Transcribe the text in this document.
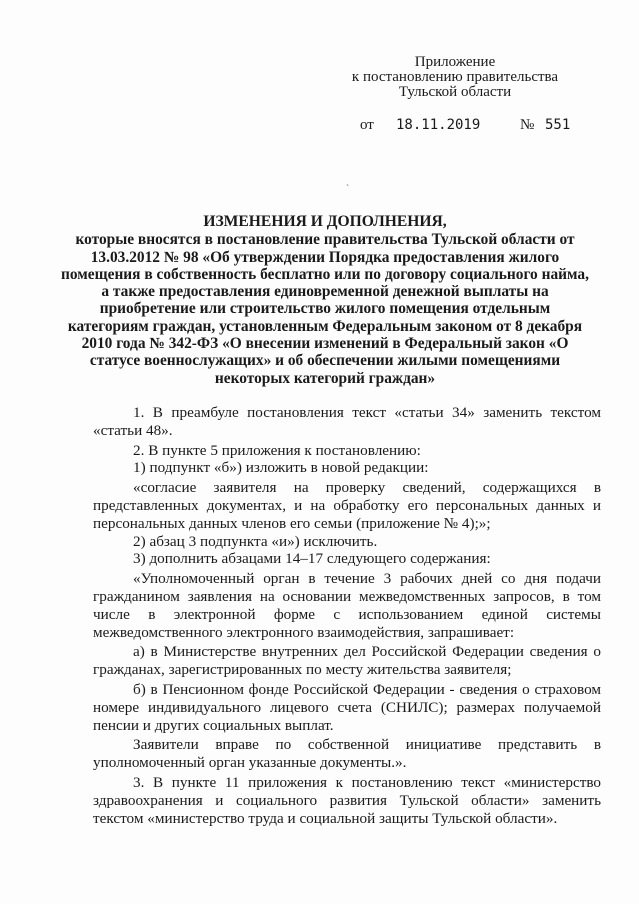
Приложение
к постановлению правительства
Тульской области
от 18.11.2019	№ 551
`
ИЗМЕНЕНИЯ И ДОПОЛНЕНИЯ,
которые вносятся в постановление правительства Тульской области от 13.03.2012 № 98 «Об утверждении Порядка предоставления жилого помещения в собственность бесплатно или по договору социального найма, а также предоставления единовременной денежной выплаты на приобретение или строительство жилого помещения отдельным категориям граждан, установленным Федеральным законом от 8 декабря 2010 года № 342-ФЗ «О внесении изменений в Федеральный закон «О статусе военнослужащих» и об обеспечении жилыми помещениями некоторых категорий граждан»

1. В преамбуле постановления текст «статьи 34» заменить текстом «статьи 48».

2. В пункте 5 приложения к постановлению:

1) подпункт «б») изложить в новой редакции:

«согласие заявителя на проверку сведений, содержащихся в представленных документах, и на обработку его персональных данных и персональных данных членов его семьи (приложение № 4);»;

2) абзац 3 подпункта «и») исключить.

3) дополнить абзацами 14–17 следующего содержания:

«Уполномоченный орган в течение 3 рабочих дней со дня подачи гражданином заявления на основании межведомственных запросов, в том числе в электронной форме с использованием единой системы межведомственного электронного взаимодействия, запрашивает:

а) в Министерстве внутренних дел Российской Федерации сведения о гражданах, зарегистрированных по месту жительства заявителя;

б) в Пенсионном фонде Российской Федерации - сведения о страховом номере индивидуального лицевого счета (СНИЛС); размерах получаемой пенсии и других социальных выплат.

Заявители вправе по собственной инициативе представить в уполномоченный орган указанные документы.».

3. В пункте 11 приложения к постановлению текст «министерство здравоохранения и социального развития Тульской области» заменить текстом «министерство труда и социальной защиты Тульской области».
